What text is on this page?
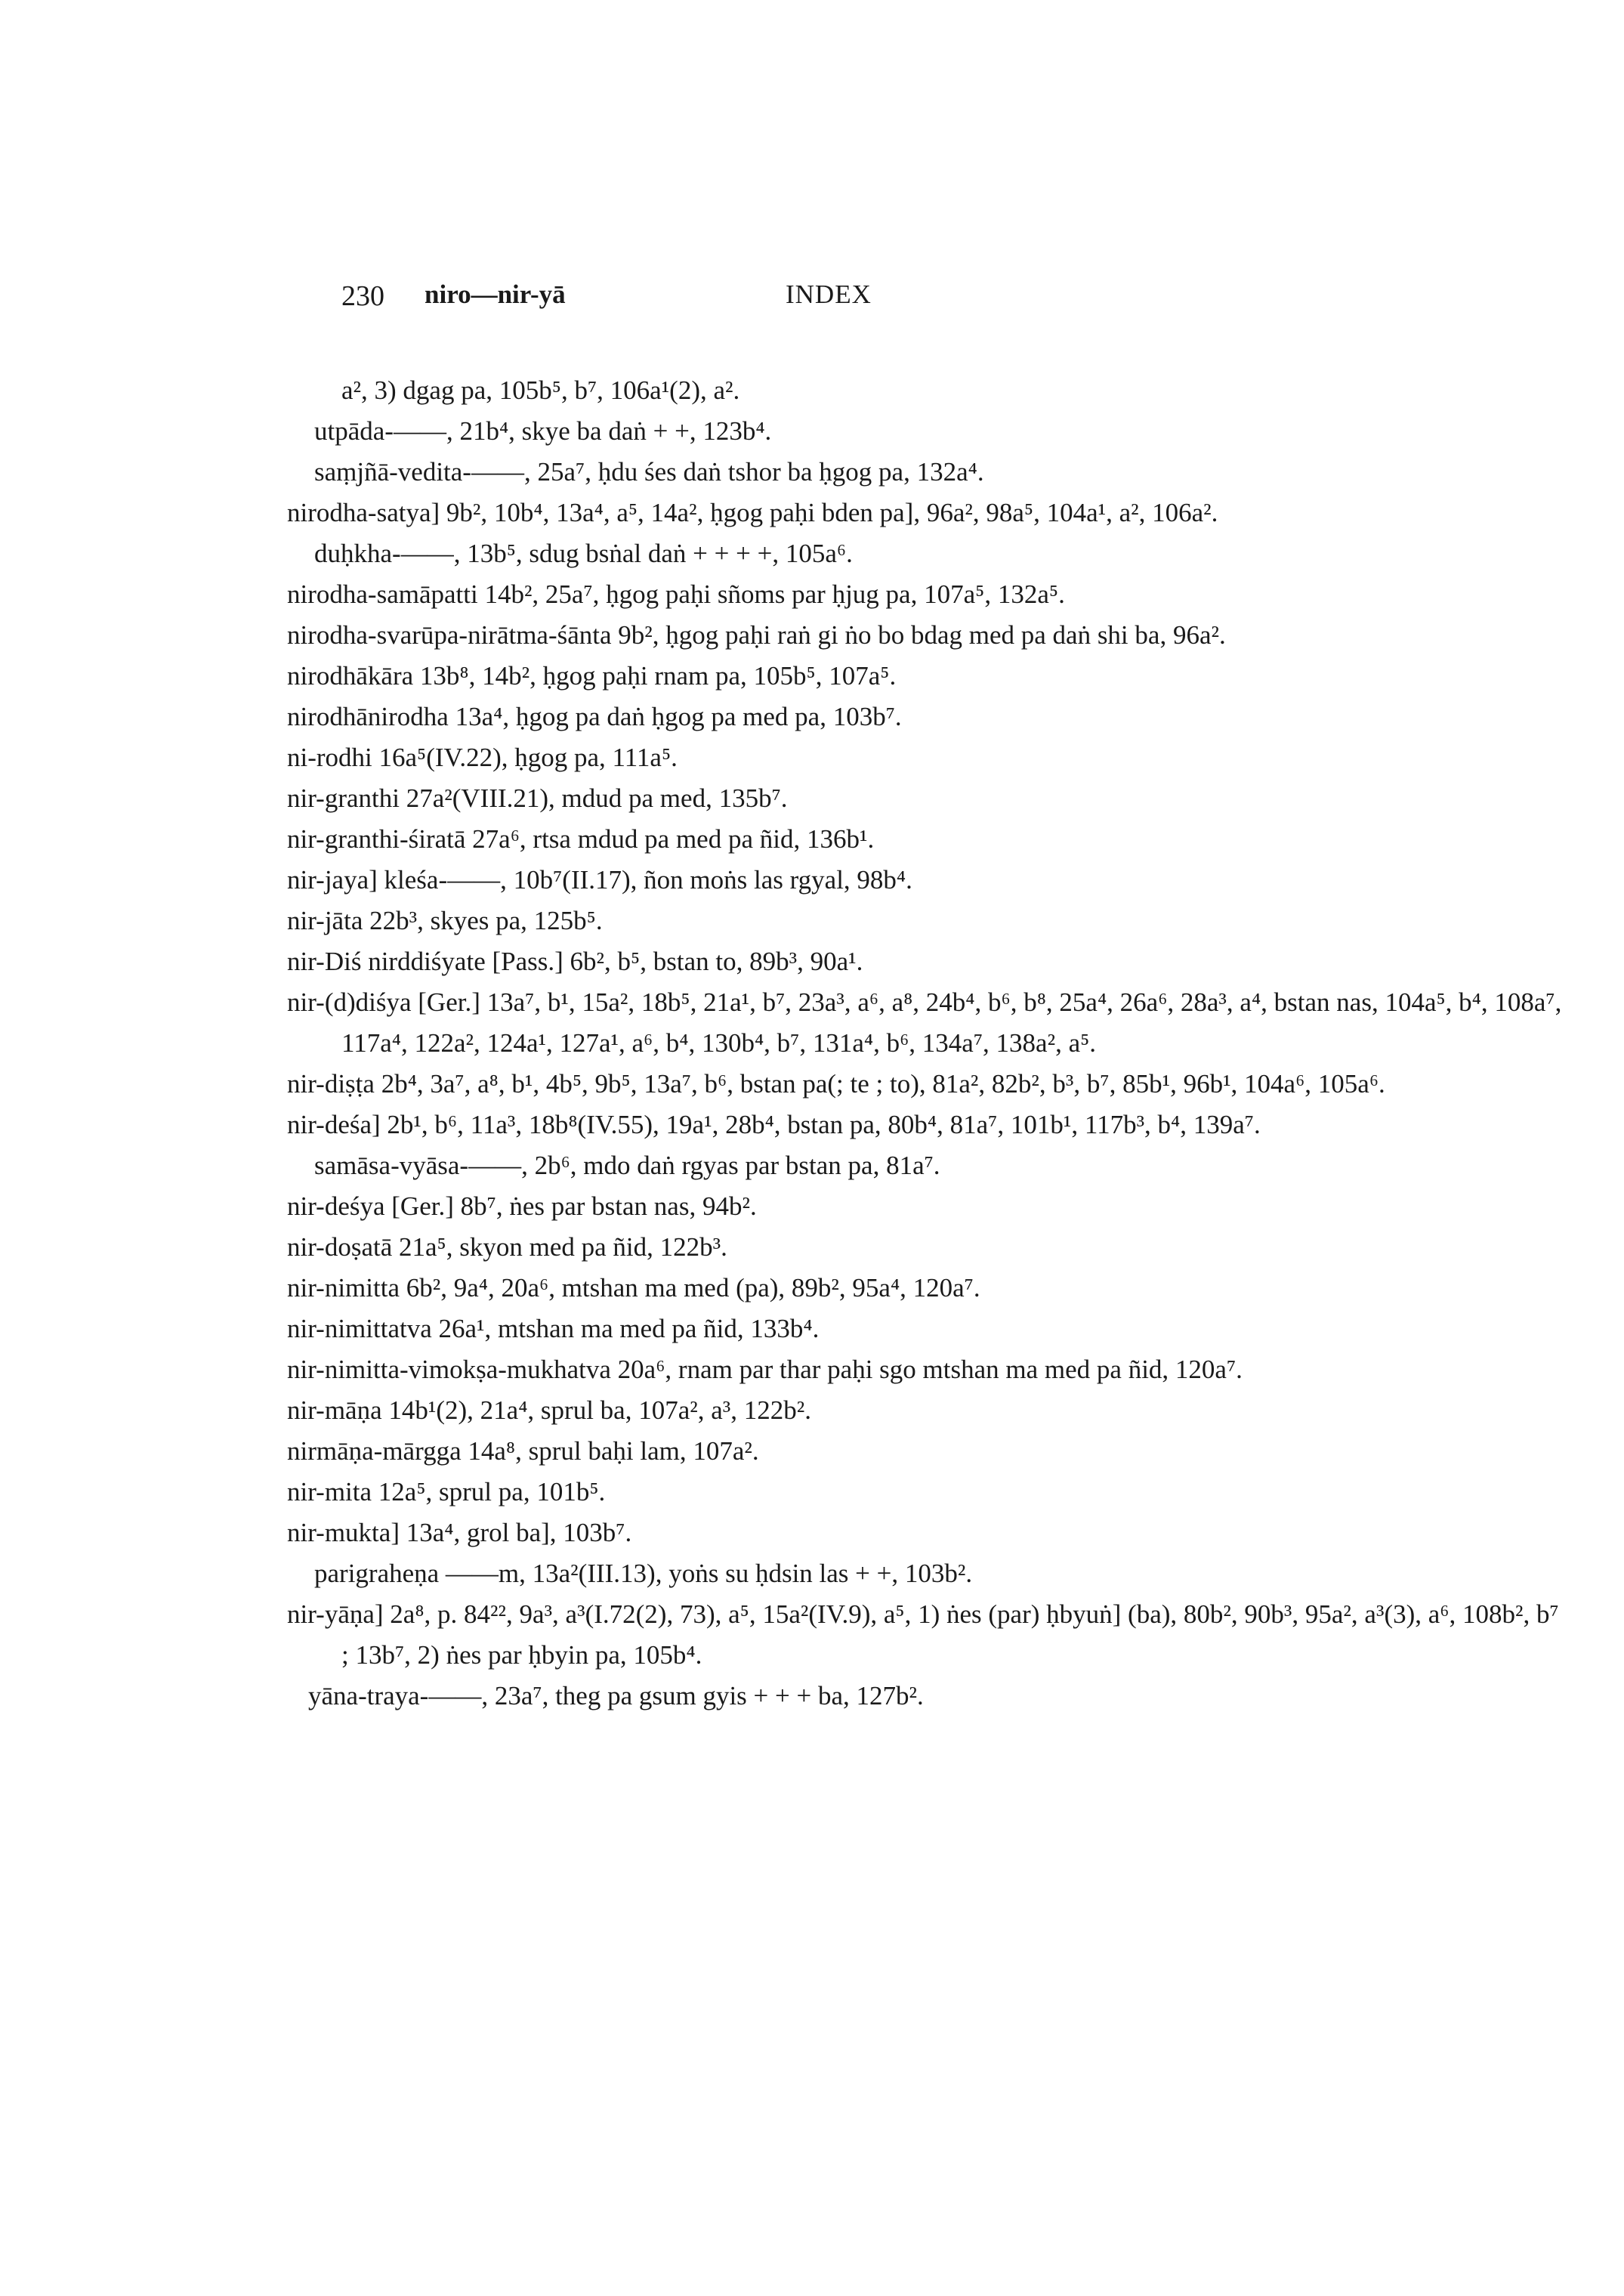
230 niro—nir-yā	INDEX

a², 3) dgag pa, 105b⁵, b⁷, 106a¹(2), a².

utpāda-——, 21b⁴, skye ba daṅ + +, 123b⁴.

saṃjñā-vedita-——, 25a⁷, ḥdu śes daṅ tshor ba ḥgog pa, 132a⁴.

nirodha-satya] 9b², 10b⁴, 13a⁴, a⁵, 14a², ḥgog paḥi bden pa], 96a², 98a⁵, 104a¹, a², 106a².

duḥkha-——, 13b⁵, sdug bsṅal daṅ + + + +, 105a⁶.

nirodha-samāpatti 14b², 25a⁷, ḥgog paḥi sñoms par ḥjug pa, 107a⁵, 132a⁵.

nirodha-svarūpa-nirātma-śānta 9b², ḥgog paḥi raṅ gi ṅo bo bdag med pa daṅ shi ba, 96a².

nirodhākāra 13b⁸, 14b², ḥgog paḥi rnam pa, 105b⁵, 107a⁵.

nirodhānirodha 13a⁴, ḥgog pa daṅ ḥgog pa med pa, 103b⁷.

ni-rodhi 16a⁵(IV.22), ḥgog pa, 111a⁵.

nir-granthi 27a²(VIII.21), mdud pa med, 135b⁷.

nir-granthi-śiratā 27a⁶, rtsa mdud pa med pa ñid, 136b¹.

nir-jaya] kleśa-——, 10b⁷(II.17), ñon moṅs las rgyal, 98b⁴.

nir-jāta 22b³, skyes pa, 125b⁵.

nir-Diś nirddiśyate [Pass.] 6b², b⁵, bstan to, 89b³, 90a¹.

nir-(d)diśya [Ger.] 13a⁷, b¹, 15a², 18b⁵, 21a¹, b⁷, 23a³, a⁶, a⁸, 24b⁴, b⁶, b⁸, 25a⁴, 26a⁶, 28a³, a⁴, bstan nas, 104a⁵, b⁴, 108a⁷, 117a⁴, 122a², 124a¹, 127a¹, a⁶, b⁴, 130b⁴, b⁷, 131a⁴, b⁶, 134a⁷, 138a², a⁵.

nir-diṣṭa 2b⁴, 3a⁷, a⁸, b¹, 4b⁵, 9b⁵, 13a⁷, b⁶, bstan pa(; te ; to), 81a², 82b², b³, b⁷, 85b¹, 96b¹, 104a⁶, 105a⁶.

nir-deśa] 2b¹, b⁶, 11a³, 18b⁸(IV.55), 19a¹, 28b⁴, bstan pa, 80b⁴, 81a⁷, 101b¹, 117b³, b⁴, 139a⁷.

samāsa-vyāsa-——, 2b⁶, mdo daṅ rgyas par bstan pa, 81a⁷.

nir-deśya [Ger.] 8b⁷, ṅes par bstan nas, 94b².

nir-doṣatā 21a⁵, skyon med pa ñid, 122b³.

nir-nimitta 6b², 9a⁴, 20a⁶, mtshan ma med (pa), 89b², 95a⁴, 120a⁷.

nir-nimittatva 26a¹, mtshan ma med pa ñid, 133b⁴.

nir-nimitta-vimokṣa-mukhatva 20a⁶, rnam par thar paḥi sgo mtshan ma med pa ñid, 120a⁷.

nir-māṇa 14b¹(2), 21a⁴, sprul ba, 107a², a³, 122b².

nirmāṇa-mārgga 14a⁸, sprul baḥi lam, 107a².

nir-mita 12a⁵, sprul pa, 101b⁵.

nir-mukta] 13a⁴, grol ba], 103b⁷.

parigraheṇa ——m, 13a²(III.13), yoṅs su ḥdsin las + +, 103b².

nir-yāṇa] 2a⁸, p. 84²², 9a³, a³(I.72(2), 73), a⁵, 15a²(IV.9), a⁵, 1) ṅes (par) ḥbyuṅ] (ba), 80b², 90b³, 95a², a³(3), a⁶, 108b², b⁷ ; 13b⁷, 2) ṅes par ḥbyin pa, 105b⁴.

yāna-traya-——, 23a⁷, theg pa gsum gyis + + + ba, 127b².
